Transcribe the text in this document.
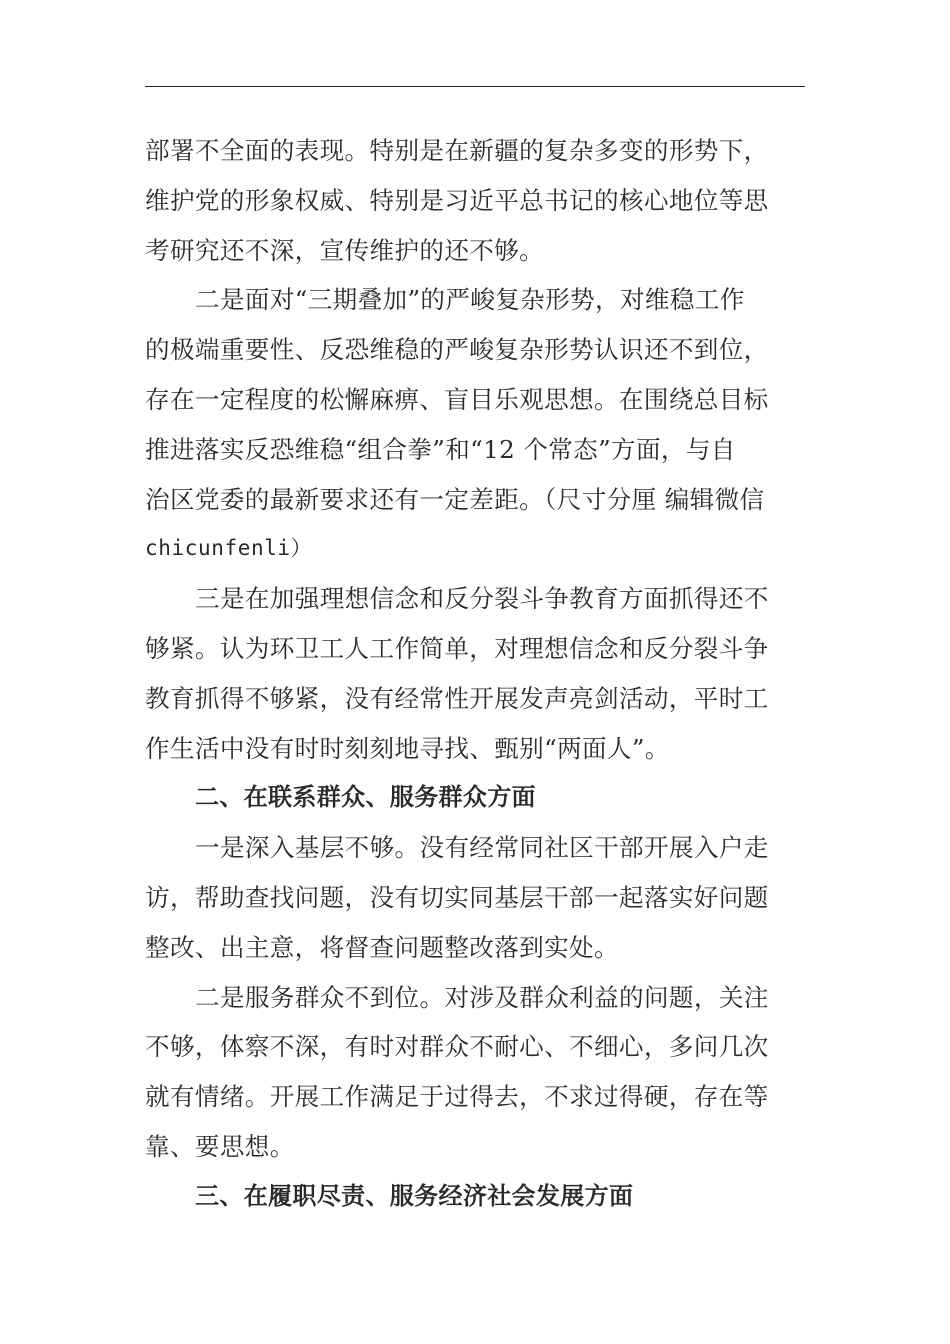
部署不全面的表现。特别是在新疆的复杂多变的形势下，
维护党的形象权威、特别是习近平总书记的核心地位等思
考研究还不深，宣传维护的还不够。
二是面对“三期叠加”的严峻复杂形势，对维稳工作
的极端重要性、反恐维稳的严峻复杂形势认识还不到位，
存在一定程度的松懈麻痹、盲目乐观思想。在围绕总目标
推进落实反恐维稳“组合拳”和“12 个常态”方面，与自
治区党委的最新要求还有一定差距。（尺寸分厘 编辑微信
chicunfenli）
三是在加强理想信念和反分裂斗争教育方面抓得还不
够紧。认为环卫工人工作简单，对理想信念和反分裂斗争
教育抓得不够紧，没有经常性开展发声亮剑活动，平时工
作生活中没有时时刻刻地寻找、甄别“两面人”。
二、在联系群众、服务群众方面
一是深入基层不够。没有经常同社区干部开展入户走
访，帮助查找问题，没有切实同基层干部一起落实好问题
整改、出主意，将督查问题整改落到实处。
二是服务群众不到位。对涉及群众利益的问题，关注
不够，体察不深，有时对群众不耐心、不细心，多问几次
就有情绪。开展工作满足于过得去，不求过得硬，存在等
靠、要思想。
三、在履职尽责、服务经济社会发展方面
